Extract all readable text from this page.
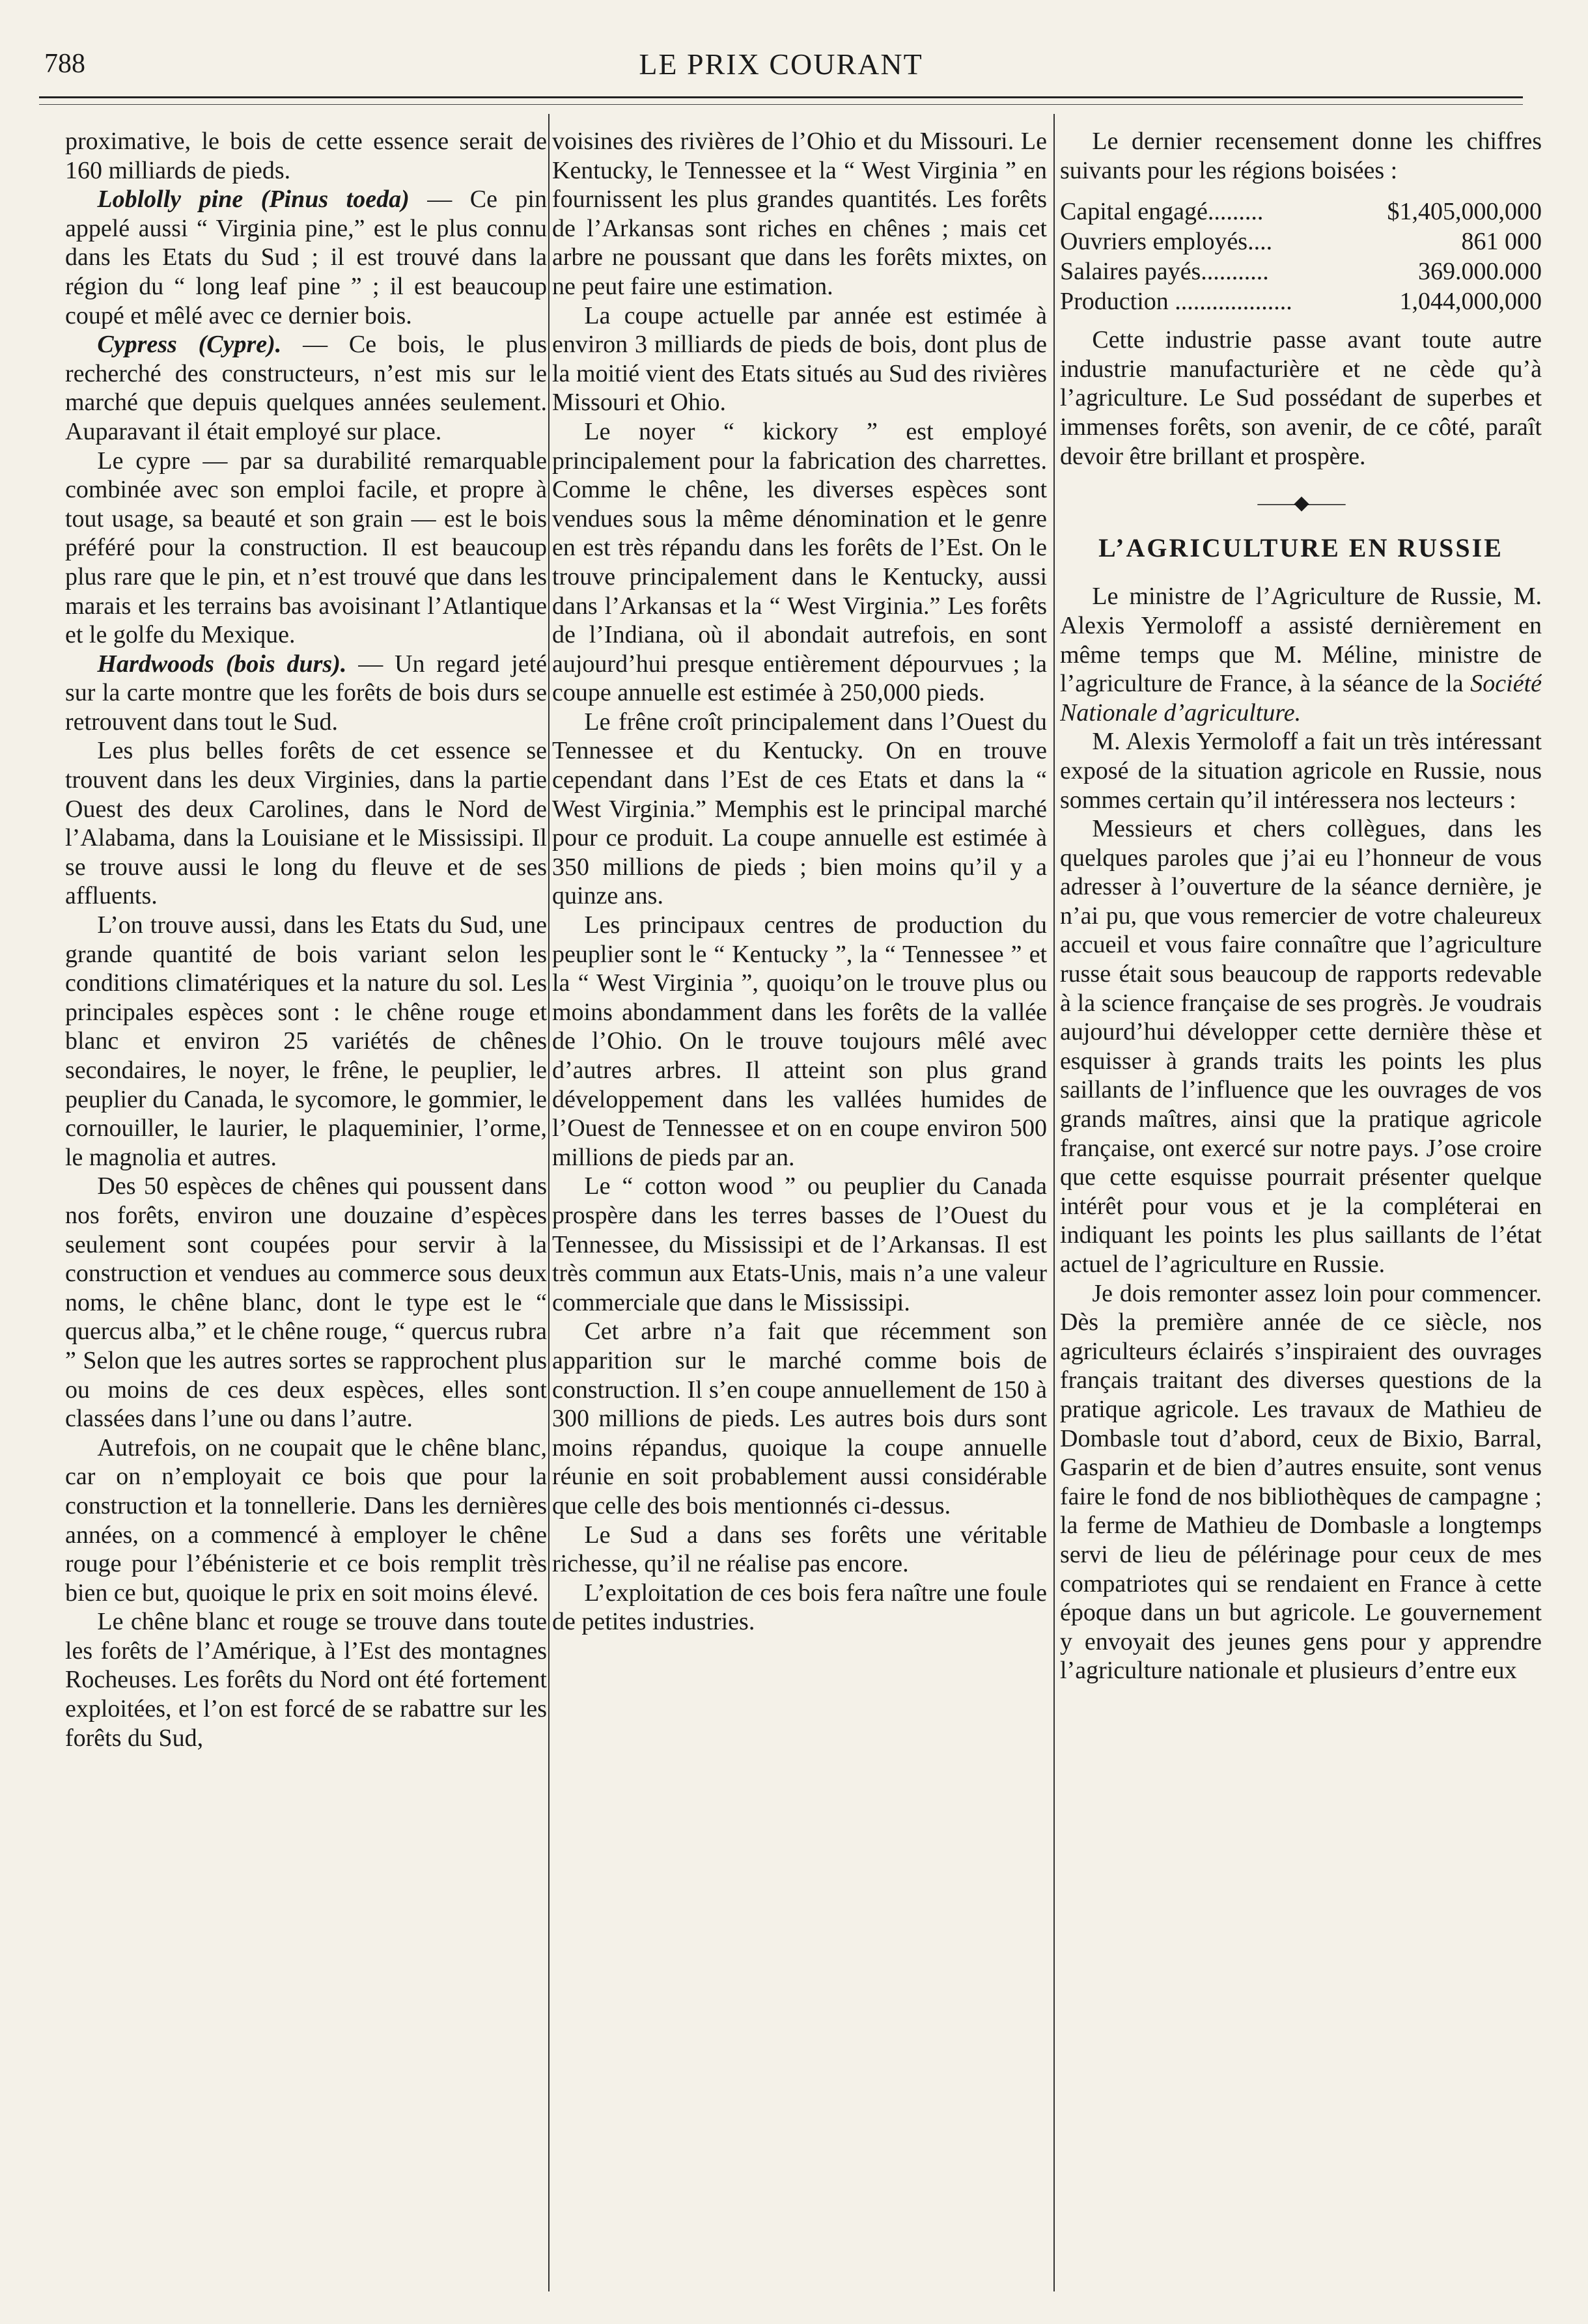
788	LE PRIX COURANT

proximative, le bois de cette essence serait de 160 milliards de pieds.

Loblolly pine (Pinus toeda) — Ce pin appelé aussi “ Virginia pine,” est le plus connu dans les Etats du Sud ; il est trouvé dans la région du “ long leaf pine ” ; il est beaucoup coupé et mêlé avec ce dernier bois.

Cypress (Cypre). — Ce bois, le plus recherché des constructeurs, n’est mis sur le marché que depuis quelques années seulement. Auparavant il était employé sur place.

Le cypre — par sa durabilité remarquable combinée avec son emploi facile, et propre à tout usage, sa beauté et son grain — est le bois préféré pour la construction. Il est beaucoup plus rare que le pin, et n’est trouvé que dans les marais et les terrains bas avoisinant l’Atlantique et le golfe du Mexique.

Hardwoods (bois durs). — Un regard jeté sur la carte montre que les forêts de bois durs se retrouvent dans tout le Sud.

Les plus belles forêts de cet essence se trouvent dans les deux Virginies, dans la partie Ouest des deux Carolines, dans le Nord de l’Alabama, dans la Louisiane et le Mississipi. Il se trouve aussi le long du fleuve et de ses affluents.

L’on trouve aussi, dans les Etats du Sud, une grande quantité de bois variant selon les conditions climatériques et la nature du sol. Les principales espèces sont : le chêne rouge et blanc et environ 25 variétés de chênes secondaires, le noyer, le frêne, le peuplier, le peuplier du Canada, le sycomore, le gommier, le cornouiller, le laurier, le plaqueminier, l’orme, le magnolia et autres.

Des 50 espèces de chênes qui poussent dans nos forêts, environ une douzaine d’espèces seulement sont coupées pour servir à la construction et vendues au commerce sous deux noms, le chêne blanc, dont le type est le “ quercus alba,” et le chêne rouge, “ quercus rubra ” Selon que les autres sortes se rapprochent plus ou moins de ces deux espèces, elles sont classées dans l’une ou dans l’autre.

Autrefois, on ne coupait que le chêne blanc, car on n’employait ce bois que pour la construction et la tonnellerie. Dans les dernières années, on a commencé à employer le chêne rouge pour l’ébénisterie et ce bois remplit très bien ce but, quoique le prix en soit moins élevé.

Le chêne blanc et rouge se trouve dans toute les forêts de l’Amérique, à l’Est des montagnes Rocheuses. Les forêts du Nord ont été fortement exploitées, et l’on est forcé de se rabattre sur les forêts du Sud,

voisines des rivières de l’Ohio et du Missouri. Le Kentucky, le Tennessee et la “ West Virginia ” en fournissent les plus grandes quantités. Les forêts de l’Arkansas sont riches en chênes ; mais cet arbre ne poussant que dans les forêts mixtes, on ne peut faire une estimation.

La coupe actuelle par année est estimée à environ 3 milliards de pieds de bois, dont plus de la moitié vient des Etats situés au Sud des rivières Missouri et Ohio.

Le noyer “ kickory ” est employé principalement pour la fabrication des charrettes. Comme le chêne, les diverses espèces sont vendues sous la même dénomination et le genre en est très répandu dans les forêts de l’Est. On le trouve principalement dans le Kentucky, aussi dans l’Arkansas et la “ West Virginia.” Les forêts de l’Indiana, où il abondait autrefois, en sont aujourd’hui presque entièrement dépourvues ; la coupe annuelle est estimée à 250,000 pieds.

Le frêne croît principalement dans l’Ouest du Tennessee et du Kentucky. On en trouve cependant dans l’Est de ces Etats et dans la “ West Virginia.” Memphis est le principal marché pour ce produit. La coupe annuelle est estimée à 350 millions de pieds ; bien moins qu’il y a quinze ans.

Les principaux centres de production du peuplier sont le “ Kentucky ”, la “ Tennessee ” et la “ West Virginia ”, quoiqu’on le trouve plus ou moins abondamment dans les forêts de la vallée de l’Ohio. On le trouve toujours mêlé avec d’autres arbres. Il atteint son plus grand développement dans les vallées humides de l’Ouest de Tennessee et on en coupe environ 500 millions de pieds par an.

Le “ cotton wood ” ou peuplier du Canada prospère dans les terres basses de l’Ouest du Tennessee, du Mississipi et de l’Arkansas. Il est très commun aux Etats-Unis, mais n’a une valeur commerciale que dans le Mississipi.

Cet arbre n’a fait que récemment son apparition sur le marché comme bois de construction. Il s’en coupe annuellement de 150 à 300 millions de pieds. Les autres bois durs sont moins répandus, quoique la coupe annuelle réunie en soit probablement aussi considérable que celle des bois mentionnés ci-dessus.

Le Sud a dans ses forêts une véritable richesse, qu’il ne réalise pas encore.

L’exploitation de ces bois fera naître une foule de petites industries.

Le dernier recensement donne les chiffres suivants pour les régions boisées :

Capital engagé.........	$1,405,000,000
Ouvriers employés....	861 000
Salaires payés...........	369.000.000
Production ...................	1,044,000,000

Cette industrie passe avant toute autre industrie manufacturière et ne cède qu’à l’agriculture. Le Sud possédant de superbes et immenses forêts, son avenir, de ce côté, paraît devoir être brillant et prospère.

——◆——
L’AGRICULTURE EN RUSSIE

Le ministre de l’Agriculture de Russie, M. Alexis Yermoloff a assisté dernièrement en même temps que M. Méline, ministre de l’agriculture de France, à la séance de la Société Nationale d’agriculture.

M. Alexis Yermoloff a fait un très intéressant exposé de la situation agricole en Russie, nous sommes certain qu’il intéressera nos lecteurs :

Messieurs et chers collègues, dans les quelques paroles que j’ai eu l’honneur de vous adresser à l’ouverture de la séance dernière, je n’ai pu, que vous remercier de votre chaleureux accueil et vous faire connaître que l’agriculture russe était sous beaucoup de rapports redevable à la science française de ses progrès. Je voudrais aujourd’hui développer cette dernière thèse et esquisser à grands traits les points les plus saillants de l’influence que les ouvrages de vos grands maîtres, ainsi que la pratique agricole française, ont exercé sur notre pays. J’ose croire que cette esquisse pourrait présenter quelque intérêt pour vous et je la compléterai en indiquant les points les plus saillants de l’état actuel de l’agriculture en Russie.

Je dois remonter assez loin pour commencer. Dès la première année de ce siècle, nos agriculteurs éclairés s’inspiraient des ouvrages français traitant des diverses questions de la pratique agricole. Les travaux de Mathieu de Dombasle tout d’abord, ceux de Bixio, Barral, Gasparin et de bien d’autres ensuite, sont venus faire le fond de nos bibliothèques de campagne ; la ferme de Mathieu de Dombasle a longtemps servi de lieu de pélérinage pour ceux de mes compatriotes qui se rendaient en France à cette époque dans un but agricole. Le gouvernement y envoyait des jeunes gens pour y apprendre l’agriculture nationale et plusieurs d’entre eux
